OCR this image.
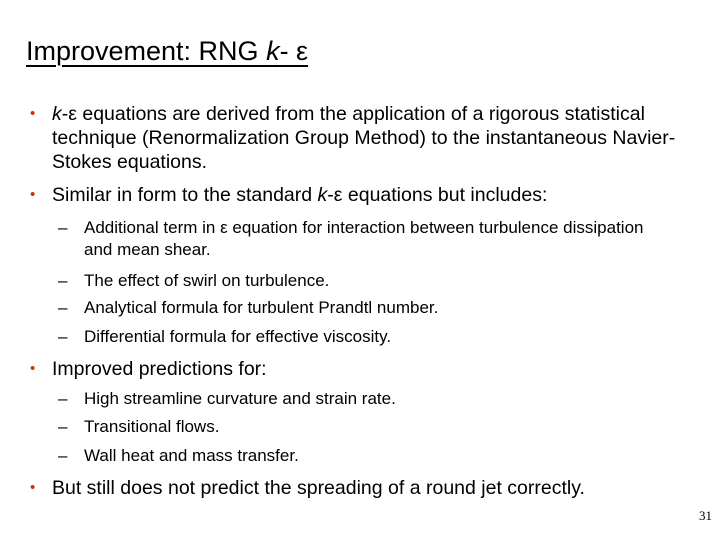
Improvement: RNG k- ε
• k-ε equations are derived from the application of a rigorous statistical technique (Renormalization Group Method) to the instantaneous Navier-Stokes equations.
• Similar in form to the standard k-ε equations but includes:
– Additional term in ε equation for interaction between turbulence dissipation and mean shear.
– The effect of swirl on turbulence.
– Analytical formula for turbulent Prandtl number.
– Differential formula for effective viscosity.
• Improved predictions for:
– High streamline curvature and strain rate.
– Transitional flows.
– Wall heat and mass transfer.
• But still does not predict the spreading of a round jet correctly.
31
